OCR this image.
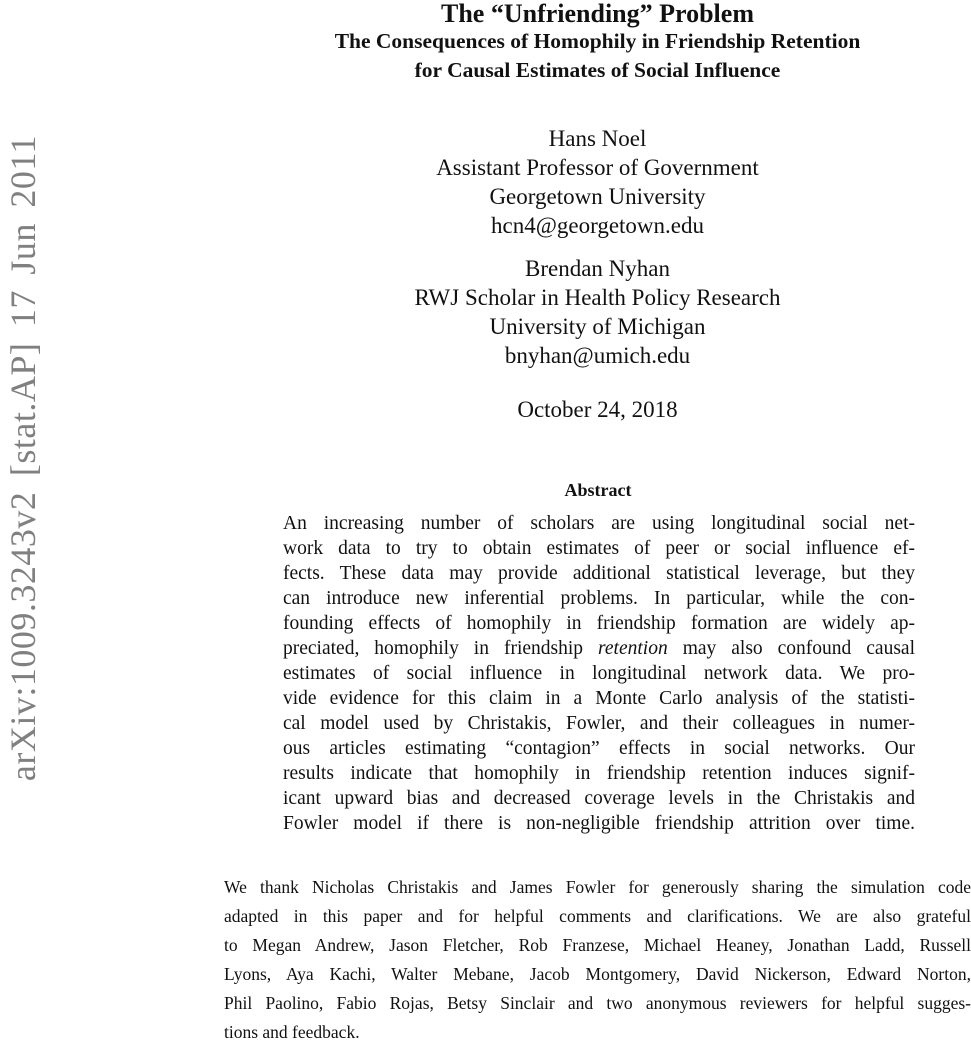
arXiv:1009.3243v2 [stat.AP] 17 Jun 2011
The “Unfriending” Problem
The Consequences of Homophily in Friendship Retention
for Causal Estimates of Social Influence
Hans Noel
Assistant Professor of Government
Georgetown University
hcn4@georgetown.edu
Brendan Nyhan
RWJ Scholar in Health Policy Research
University of Michigan
bnyhan@umich.edu
October 24, 2018
Abstract
An increasing number of scholars are using longitudinal social net-
work data to try to obtain estimates of peer or social influence ef-
fects. These data may provide additional statistical leverage, but they
can introduce new inferential problems. In particular, while the con-
founding effects of homophily in friendship formation are widely ap-
preciated, homophily in friendship retention may also confound causal
estimates of social influence in longitudinal network data. We pro-
vide evidence for this claim in a Monte Carlo analysis of the statisti-
cal model used by Christakis, Fowler, and their colleagues in numer-
ous articles estimating “contagion” effects in social networks. Our
results indicate that homophily in friendship retention induces signif-
icant upward bias and decreased coverage levels in the Christakis and
Fowler model if there is non-negligible friendship attrition over time.
We thank Nicholas Christakis and James Fowler for generously sharing the simulation code
adapted in this paper and for helpful comments and clarifications. We are also grateful
to Megan Andrew, Jason Fletcher, Rob Franzese, Michael Heaney, Jonathan Ladd, Russell
Lyons, Aya Kachi, Walter Mebane, Jacob Montgomery, David Nickerson, Edward Norton,
Phil Paolino, Fabio Rojas, Betsy Sinclair and two anonymous reviewers for helpful sugges-
tions and feedback.
